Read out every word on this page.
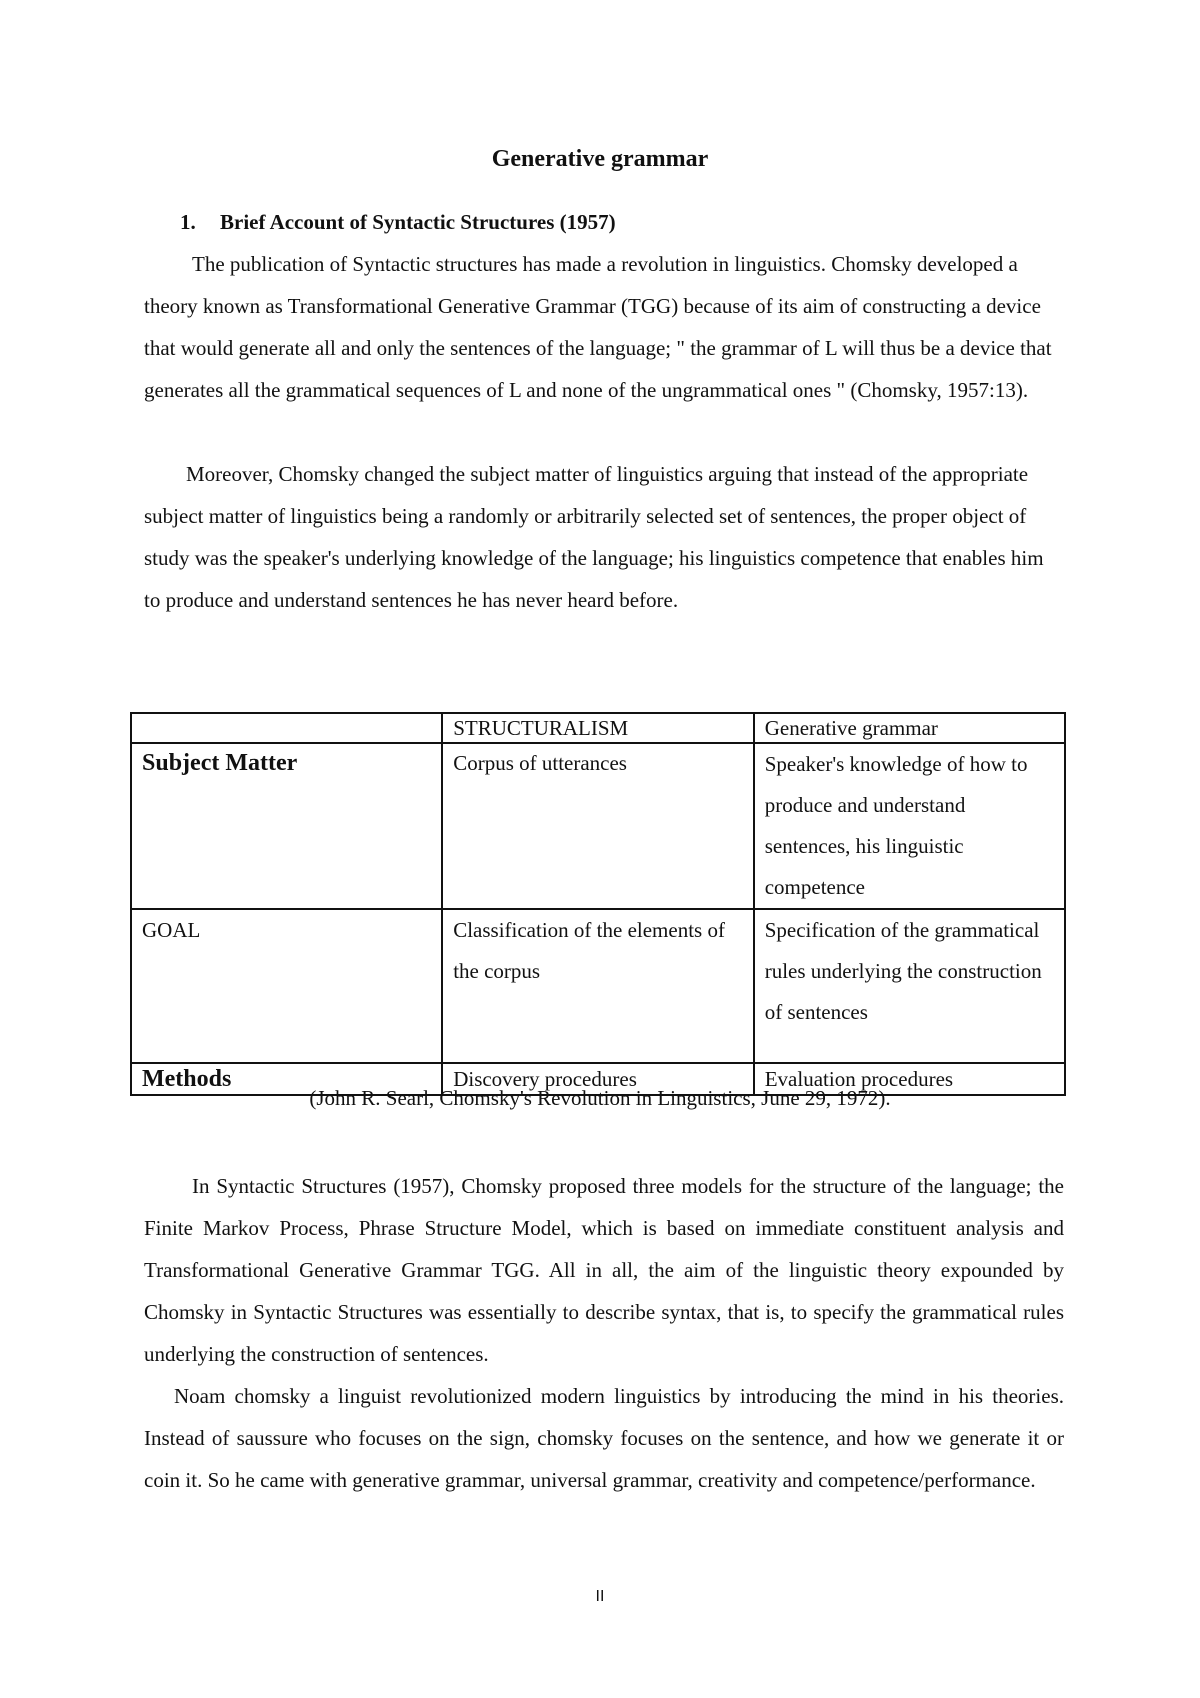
Generative grammar
1. Brief Account of Syntactic Structures (1957)

The publication of Syntactic structures has made a revolution in linguistics. Chomsky developed a theory known as Transformational Generative Grammar (TGG) because of its aim of constructing a device that would generate all and only the sentences of the language; " the grammar of L will thus be a device that generates all the grammatical sequences of L and none of the ungrammatical ones " (Chomsky, 1957:13).

Moreover, Chomsky changed the subject matter of linguistics arguing that instead of the appropriate subject matter of linguistics being a randomly or arbitrarily selected set of sentences, the proper object of study was the speaker's underlying knowledge of the language; his linguistics competence that enables him to produce and understand sentences he has never heard before.

	STRUCTURALISM	Generative grammar
Subject Matter	Corpus of utterances	Speaker's knowledge of how to produce and understand sentences, his linguistic competence
GOAL	Classification of the elements of the corpus	Specification of the grammatical rules underlying the construction of sentences
Methods	Discovery procedures	Evaluation procedures
(John R. Searl, Chomsky's Revolution in Linguistics, June 29, 1972).

In Syntactic Structures (1957), Chomsky proposed three models for the structure of the language; the Finite Markov Process, Phrase Structure Model, which is based on immediate constituent analysis and Transformational Generative Grammar TGG. All in all, the aim of the linguistic theory expounded by Chomsky in Syntactic Structures was essentially to describe syntax, that is, to specify the grammatical rules underlying the construction of sentences.

Noam chomsky a linguist revolutionized modern linguistics by introducing the mind in his theories. Instead of saussure who focuses on the sign, chomsky focuses on the sentence, and how we generate it or coin it. So he came with generative grammar, universal grammar, creativity and competence/performance.

II
